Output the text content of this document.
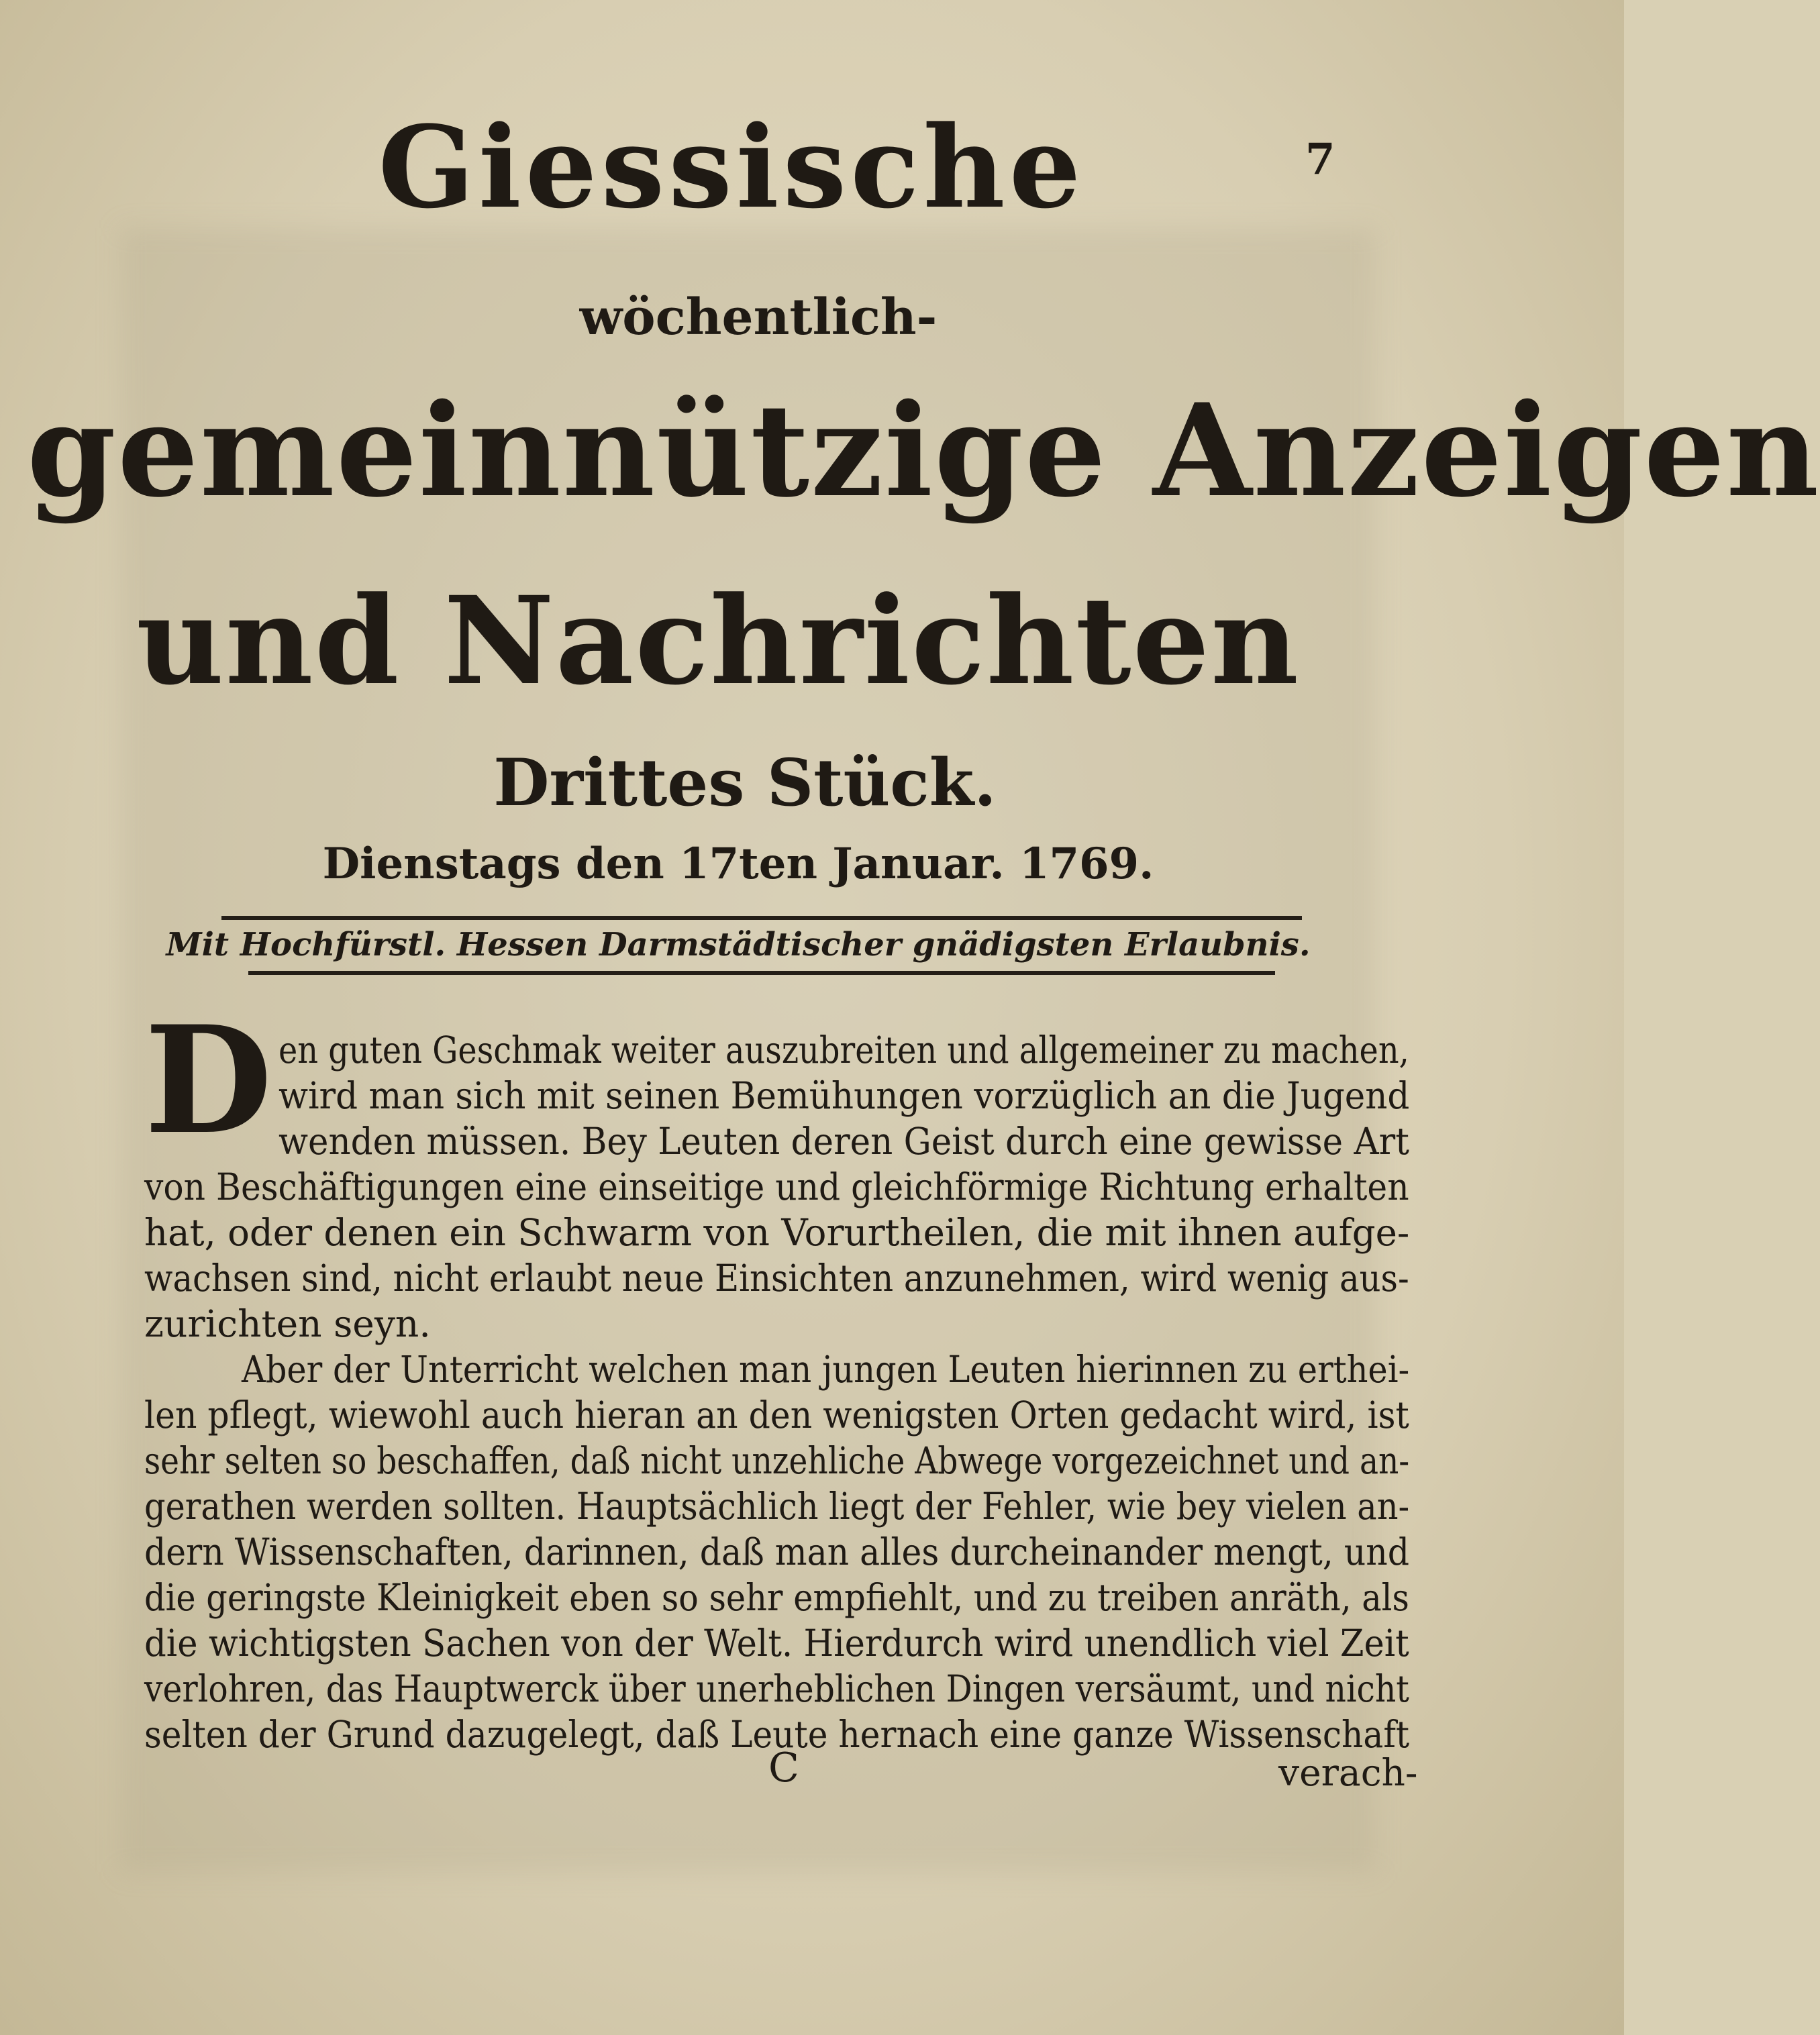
7
Giessische
wöchentlich-
gemeinnützige Anzeigen
und Nachrichten
Drittes Stück.
Dienstags den 17ten Januar. 1769.
Mit Hochfürstl. Hessen Darmstädtischer gnädigsten Erlaubnis.
D en guten Geschmak weiter auszubreiten und allgemeiner zu machen,
wird man sich mit seinen Bemühungen vorzüglich an die Jugend
wenden müssen. Bey Leuten deren Geist durch eine gewisse Art
von Beschäftigungen eine einseitige und gleichförmige Richtung erhalten
hat, oder denen ein Schwarm von Vorurtheilen, die mit ihnen aufge-
wachsen sind, nicht erlaubt neue Einsichten anzunehmen, wird wenig aus-
zurichten seyn.
Aber der Unterricht welchen man jungen Leuten hierinnen zu erthei-
len pflegt, wiewohl auch hieran an den wenigsten Orten gedacht wird, ist
sehr selten so beschaffen, daß nicht unzehliche Abwege vorgezeichnet und an-
gerathen werden sollten. Hauptsächlich liegt der Fehler, wie bey vielen an-
dern Wissenschaften, darinnen, daß man alles durcheinander mengt, und
die geringste Kleinigkeit eben so sehr empfiehlt, und zu treiben anräth, als
die wichtigsten Sachen von der Welt. Hierdurch wird unendlich viel Zeit
verlohren, das Hauptwerck über unerheblichen Dingen versäumt, und nicht
selten der Grund dazugelegt, daß Leute hernach eine ganze Wissenschaft
C	verach-
